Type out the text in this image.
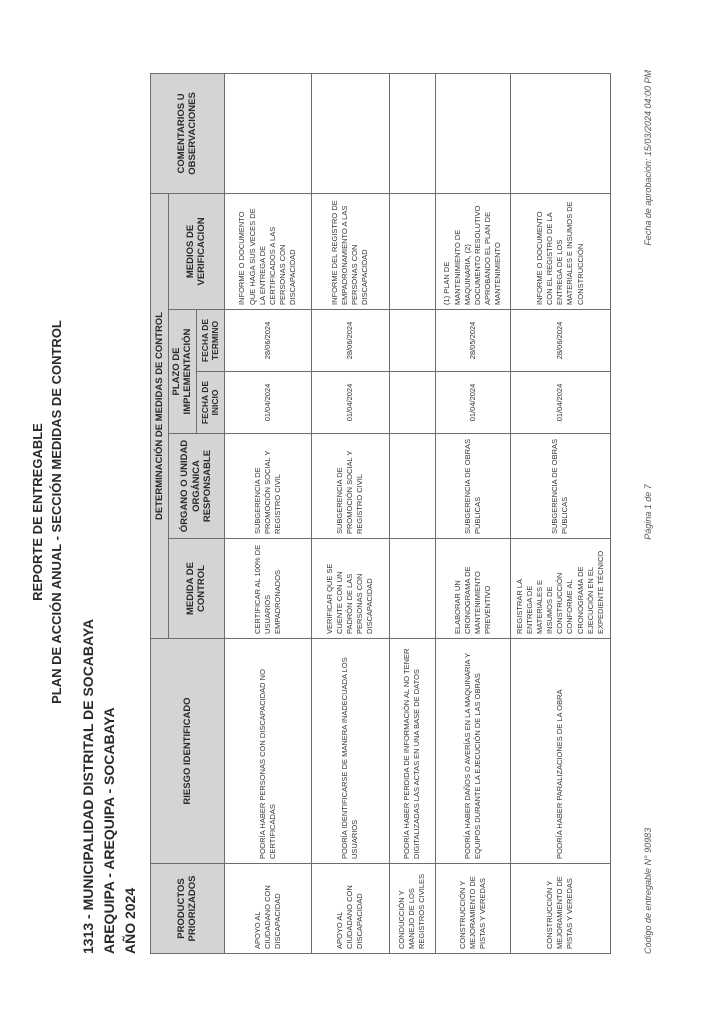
REPORTE DE ENTREGABLE PLAN DE ACCIÓN ANUAL - SECCIÓN MEDIDAS DE CONTROL
1313 - MUNICIPALIDAD DISTRITAL DE SOCABAYA AREQUIPA - AREQUIPA - SOCABAYA AÑO 2024	PRODUCTOS PRIORIZADOS	RIESGO IDENTIFICADO	DETERMINACIÓN DE MEDIDAS DE CONTROL					COMENTARIOS U OBSERVACIONES
		MEDIDA DE CONTROL	ÓRGANO O UNIDAD ORGÁNICA RESPONSABLE	PLAZO DE IMPLEMENTACIÓN		MEDIOS DE VERIFICACION	
				FECHA DE INICIO	FECHA DE TERMINO		
APOYO AL CIUDADANO CON DISCAPACIDAD	PODRÍA HABER PERSONAS CON DISCAPACIDAD NO CERTIFICADAS	CERTIFICAR AL 100% DE USUARIOS EMPADRONADOS	SUBGERENCIA DE PROMOCIÓN SOCIAL Y REGISTRO CIVIL	01/04/2024	28/06/2024	INFORME O DOCUMENTO QUE HAGA SUS VECES DE LA ENTREGA DE CERTIFICADOS A LAS PERSONAS CON DISCAPACIDAD	
APOYO AL CIUDADANO CON DISCAPACIDAD	PODRÍA IDENTIFICARSE DE MANERA INADECUADA LOS USUARIOS	VERIFICAR QUE SE CUENTE CON UN PADRÓN DE LAS PERSONAS CON DISCAPACIDAD	SUBGERENCIA DE PROMOCIÓN SOCIAL Y REGISTRO CIVIL	01/04/2024	28/06/2024	INFORME DEL REGISTRO DE EMPADRONAMIENTO A LAS PERSONAS CON DISCAPACIDAD	
CONDUCCIÓN Y MANEJO DE LOS REGISTROS CIVILES	PODRÍA HABER PERDIDA DE INFORMACIÓN AL NO TENER DIGITALIZADAS LAS ACTAS EN UNA BASE DE DATOS						
CONSTRUCCIÓN Y MEJORAMIENTO DE PISTAS Y VEREDAS	PODRÍA HABER DAÑOS O AVERÍAS EN LA MAQUINARIA Y EQUIPOS DURANTE LA EJECUCIÓN DE LAS OBRAS	ELABORAR UN CRONOGRAMA DE MANTENIMIENTO PREVENTIVO	SUBGERENCIA DE OBRAS PÚBLICAS	01/04/2024	28/05/2024	(1) PLAN DE MANTENIMIENTO DE MAQUINARIA, (2) DOCUMENTO RESOLUTIVO APROBANDO EL PLAN DE MANTENIMIENTO	
CONSTRUCCIÓN Y MEJORAMIENTO DE PISTAS Y VEREDAS	PODRÍA HABER PARALIZACIONES DE LA OBRA	REGISTRAR LA ENTREGA DE MATERIALES E INSUMOS DE CONSTRUCCIÓN CONFORME AL CRONOGRAMA DE EJECUCIÓN EN EL EXPEDIENTE TÉCNICO	SUBGERENCIA DE OBRAS PÚBLICAS	01/04/2024	28/06/2024	INFORME O DOCUMENTO CON EL REGISTRO DE LA ENTREGA DE LOS MATERIALES E INSUMOS DE CONSTRUCCIÓN	
Código de entregable N° 90983
Página 1 de 7
Fecha de aprobación: 15/03/2024 04:00 PM
